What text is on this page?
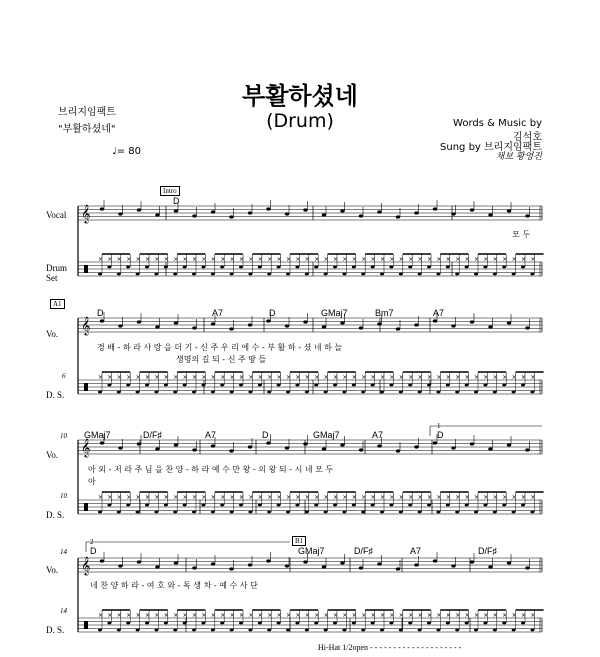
부활하셨네
(Drum)
브리지임팩트
"부활하셨네"
♩= 80
Words & Music by
김석호
Sung by 브리지임팩트
채보 황영진
× × × × × × × × × × × × × × × × × × × × × × × × × × × × × × × × × × × × × × × × × × × × × × ×
𝄞
× × × × × × × × × × × × × × × × × × × × × × × × × × × × × × × × × × × × × × × × × × × × × × ×
𝄞
× × × × × × × × × × × × × × × × × × × × × × × × × × × × × × × × × × × × × × × × × × × × × × ×
𝄞
× × × × × × × × × × × × × × × × × × × × × × × × × × × × × × × × × × × × × × × × × × × × × × ×
𝄞
Vocal
Drum
Set
Vo.
D. S.
Vo.
D. S.
Vo.
D. S.
Intro
A1
B1
1
2
6
10
10
14
14
D
D	A7	D	GMaj7	Bm7	A7
GMaj7	D/F♯	A7	D	GMaj7	A7	D
D	GMaj7	D/F♯	A7	D/F♯
모 두
경 배 - 하 라 사 랑 을 더 기 - 신 주 우 리 에 수 - 부 활 하 - 셨 네 하 늘
생명의 길 되 - 신 주 땅 들
아 외 - 저 라 주 님 을 찬 양 - 하 라 예 수 만 왕 - 의 왕 되 - 시 네 모 두
아
네 찬 양 하 라 - 여 호 와 - 독 생 차 - 예 수 사 단
Hi-Hat 1/2open - - - - - - - - - - - - - - - - - - - -
